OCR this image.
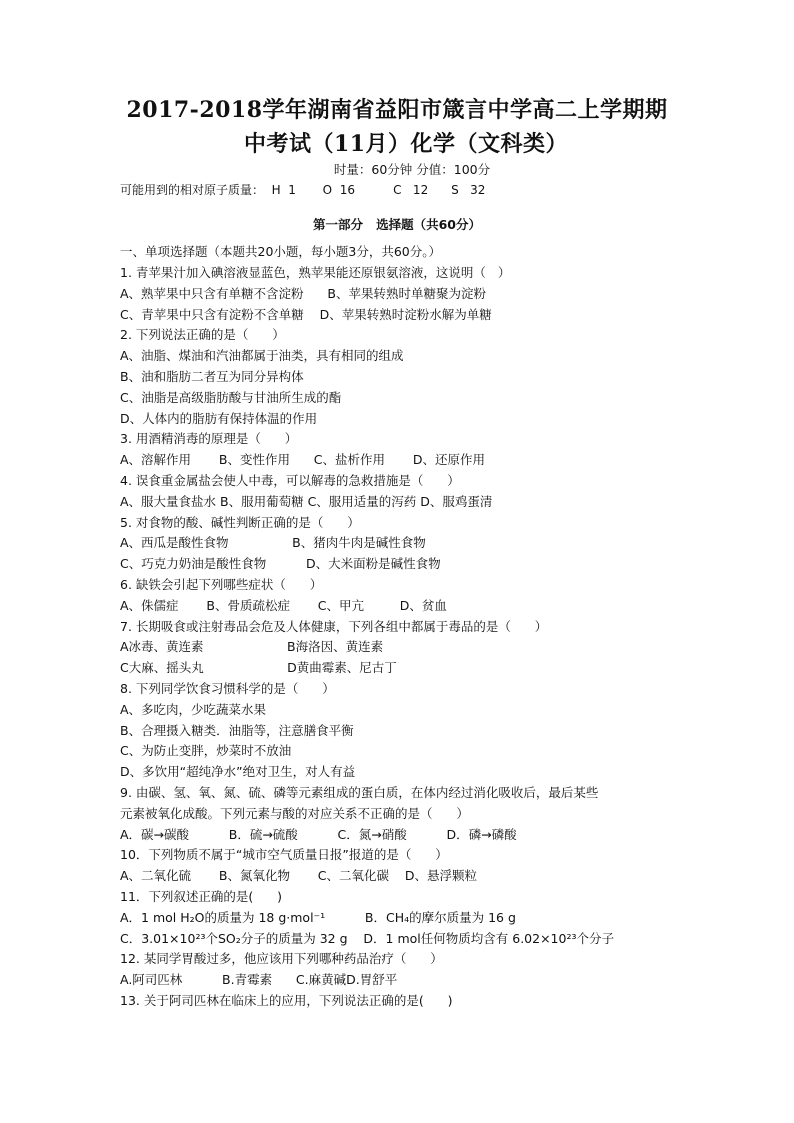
2017-2018学年湖南省益阳市箴言中学高二上学期期
中考试（11月）化学（文科类）
时量：60分钟 分值：100分
可能用到的相对原子质量：  H  1       O  16          C   12      S   32
第一部分   选择题（共60分）
一、单项选择题（本题共20小题，每小题3分，共60分。）
1. 青苹果汁加入碘溶液显蓝色，熟苹果能还原银氨溶液，这说明（   ）
A、熟苹果中只含有单糖不含淀粉      B、苹果转熟时单糖聚为淀粉
C、青苹果中只含有淀粉不含单糖    D、苹果转熟时淀粉水解为单糖
2. 下列说法正确的是（      ）
A、油脂、煤油和汽油都属于油类，具有相同的组成
B、油和脂肪二者互为同分异构体
C、油脂是高级脂肪酸与甘油所生成的酯
D、人体内的脂肪有保持体温的作用
3. 用酒精消毒的原理是（      ）
A、溶解作用       B、变性作用      C、盐析作用       D、还原作用
4. 误食重金属盐会使人中毒，可以解毒的急救措施是（      ）
A、服大量食盐水 B、服用葡萄糖 C、服用适量的泻药 D、服鸡蛋清
5. 对食物的酸、碱性判断正确的是（      ）
A、西瓜是酸性食物                B、猪肉牛肉是碱性食物
C、巧克力奶油是酸性食物          D、大米面粉是碱性食物
6. 缺铁会引起下列哪些症状（      ）
A、侏儒症       B、骨质疏松症       C、甲亢         D、贫血
7. 长期吸食或注射毒品会危及人体健康，下列各组中都属于毒品的是（      ）
A冰毒、黄连素                     B海洛因、黄连素
C大麻、摇头丸                     D黄曲霉素、尼古丁
8. 下列同学饮食习惯科学的是（      ）
A、多吃肉，少吃蔬菜水果
B、合理摄入糖类．油脂等，注意膳食平衡
C、为防止变胖，炒菜时不放油
D、多饮用“超纯净水”绝对卫生，对人有益
9. 由碳、氢、氧、氮、硫、磷等元素组成的蛋白质，在体内经过消化吸收后，最后某些
元素被氧化成酸。下列元素与酸的对应关系不正确的是（      ）
A．碳→碳酸          B．硫→硫酸          C．氮→硝酸          D．磷→磷酸
10．下列物质不属于“城市空气质量日报”报道的是（      ）
A、二氧化硫       B、氮氧化物       C、二氧化碳    D、悬浮颗粒
11．下列叙述正确的是(      )
A．1 mol H₂O的质量为 18 g·mol⁻¹          B．CH₄的摩尔质量为 16 g
C．3.01×10²³个SO₂分子的质量为 32 g    D．1 mol任何物质均含有 6.02×10²³个分子
12. 某同学胃酸过多，他应该用下列哪种药品治疗（      ）
A.阿司匹林          B.青霉素      C.麻黄碱D.胃舒平
13. 关于阿司匹林在临床上的应用，下列说法正确的是(      )
